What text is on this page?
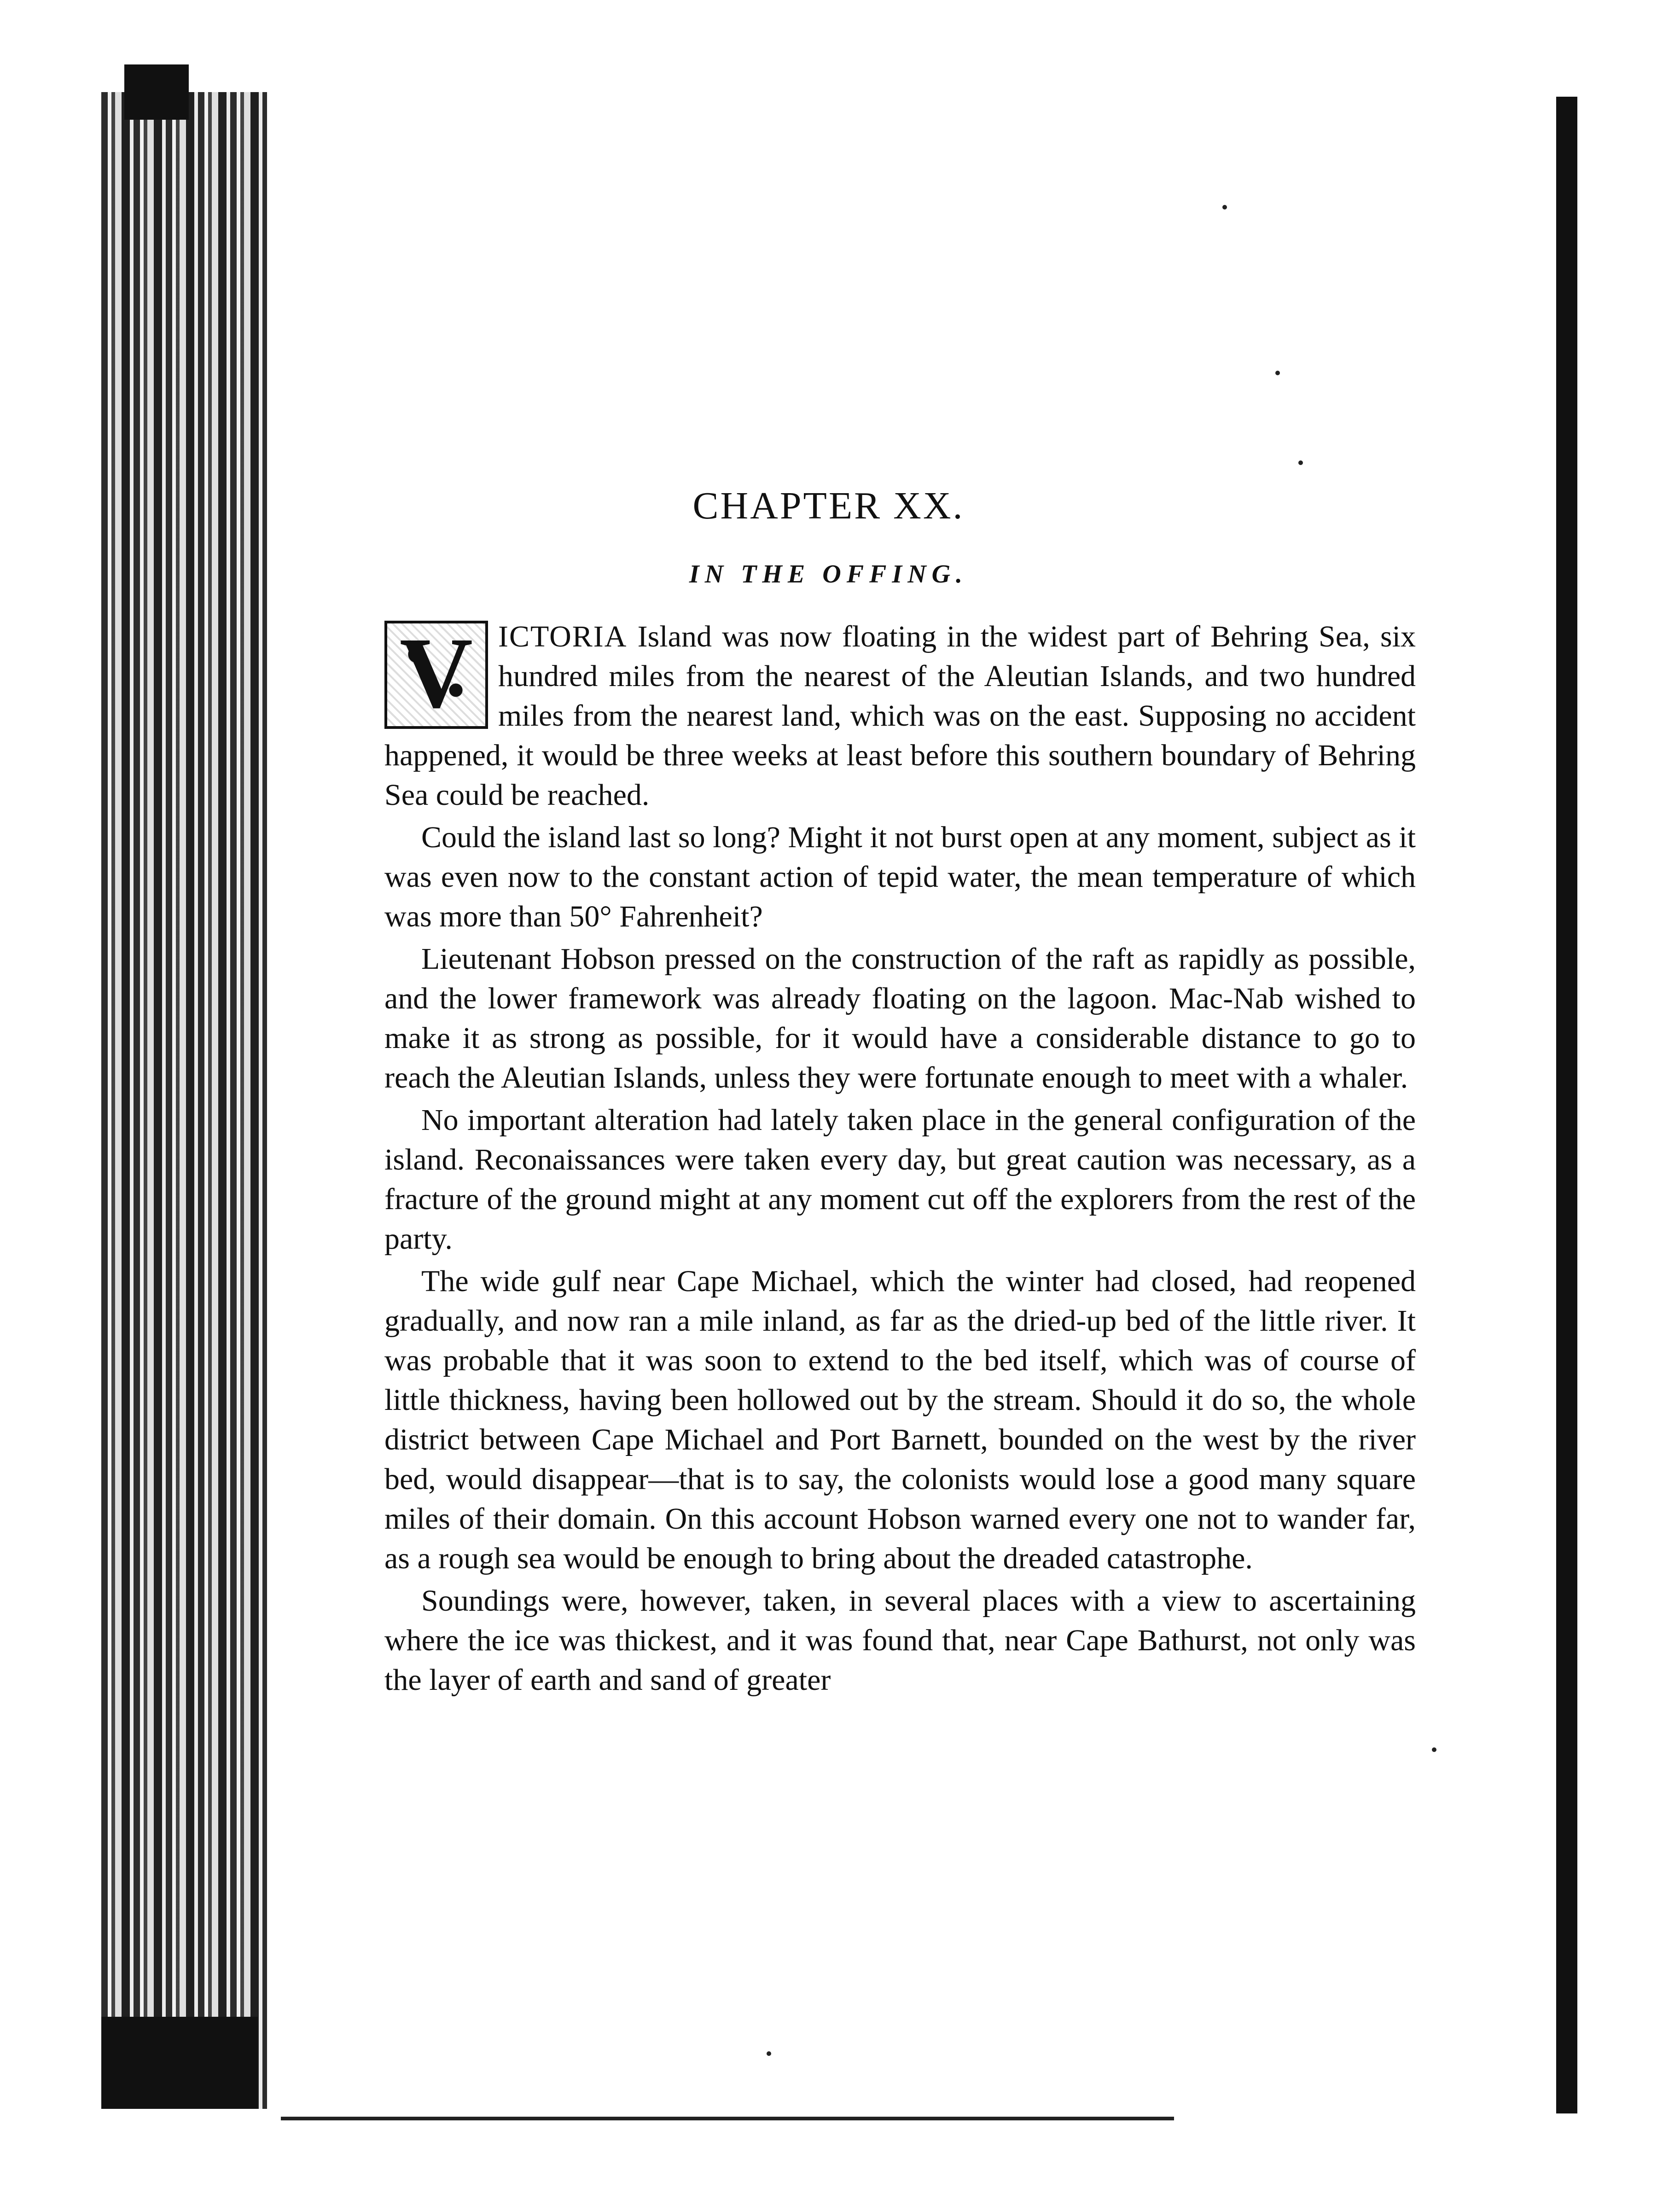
CHAPTER XX.
IN THE OFFING.

V ICTORIA Island was now floating in the widest part of Behring Sea, six hundred miles from the nearest of the Aleutian Islands, and two hundred miles from the nearest land, which was on the east. Supposing no accident happened, it would be three weeks at least before this southern boundary of Behring Sea could be reached.

Could the island last so long? Might it not burst open at any moment, subject as it was even now to the constant action of tepid water, the mean temperature of which was more than 50° Fahrenheit?

Lieutenant Hobson pressed on the construction of the raft as rapidly as possible, and the lower framework was already floating on the lagoon. Mac-Nab wished to make it as strong as possible, for it would have a considerable distance to go to reach the Aleutian Islands, unless they were fortunate enough to meet with a whaler.

No important alteration had lately taken place in the general configuration of the island. Reconaissances were taken every day, but great caution was necessary, as a fracture of the ground might at any moment cut off the explorers from the rest of the party.

The wide gulf near Cape Michael, which the winter had closed, had reopened gradually, and now ran a mile inland, as far as the dried-up bed of the little river. It was probable that it was soon to extend to the bed itself, which was of course of little thickness, having been hollowed out by the stream. Should it do so, the whole district between Cape Michael and Port Barnett, bounded on the west by the river bed, would disappear—that is to say, the colonists would lose a good many square miles of their domain. On this account Hobson warned every one not to wander far, as a rough sea would be enough to bring about the dreaded catastrophe.

Soundings were, however, taken, in several places with a view to ascertaining where the ice was thickest, and it was found that, near Cape Bathurst, not only was the layer of earth and sand of greater
